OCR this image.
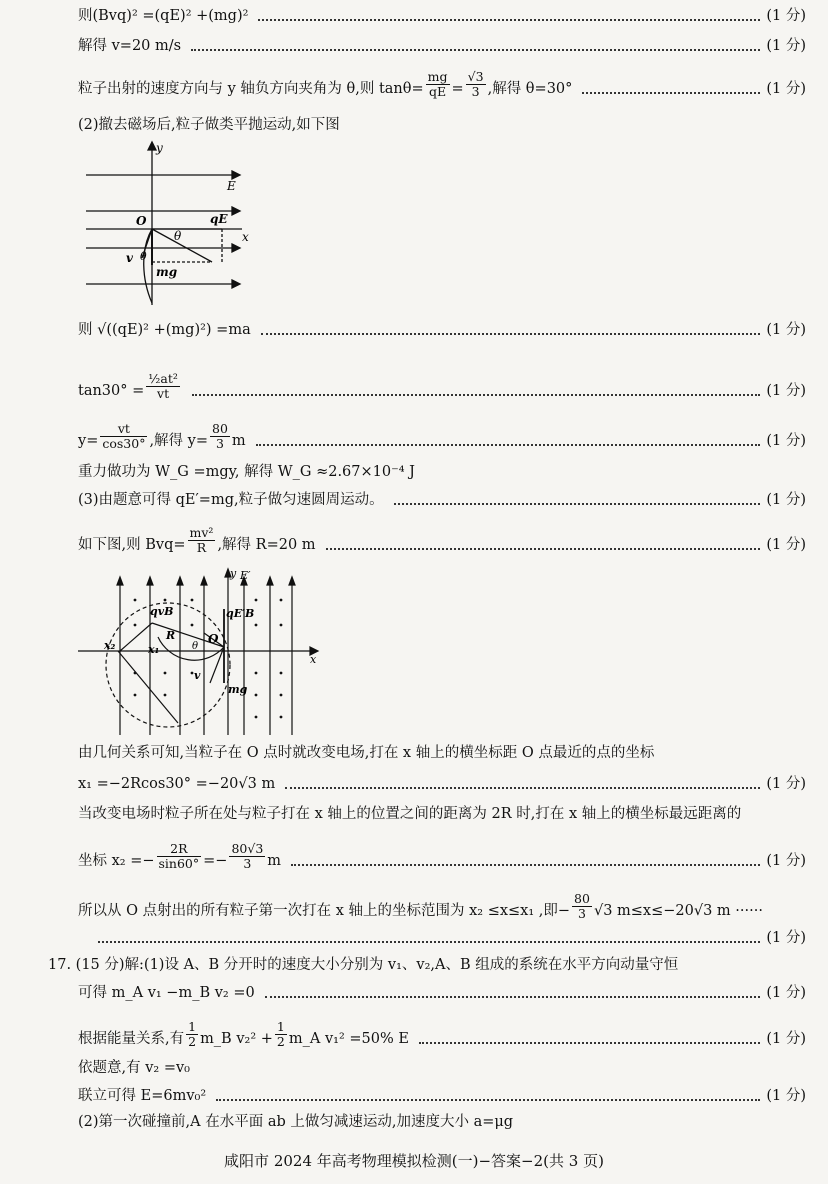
则(Bvq)² =(qE)² +(mg)²	(1 分)
解得 v=20 m/s	(1 分)
粒子出射的速度方向与 y 轴负方向夹角为 θ,则 $\tan\theta= \frac{mg}{qE} = \frac{√3}{3}$ ,解得 θ=30°	(1 分)
(2)撤去磁场后,粒子做类平抛运动,如下图
y
x
E
O	qE
θ
v θ
mg
则 √((qE)² +(mg)²) =ma	(1 分)
$\tan 30^\circ = \frac{\text{½at²}}{vt}$	(1 分)
$y= \frac{vt}{\cos 30^\circ}$ ,解得 $y= \frac{80}{3}$ m	(1 分)
重力做功为 W_G =mgy, 解得 W_G ≈2.67×10⁻⁴ J
(3)由题意可得 qE′=mg,粒子做匀速圆周运动。	(1 分)
如下图,则 $Bvq= \frac{\text{mv²}}{R}$ ,解得 R=20 m	(1 分)
y E′
qvB	qE′B
R	O
x₂	x₁	θ
v
mg
x
由几何关系可知,当粒子在 O 点时就改变电场,打在 x 轴上的横坐标距 O 点最近的点的坐标
x₁ =−2Rcos30° =−20√3 m	(1 分)
当改变电场时粒子所在处与粒子打在 x 轴上的位置之间的距离为 2R 时,打在 x 轴上的横坐标最远距离的
坐标 $x_2 =- \frac{2R}{\sin 60^\circ} =- \frac{80√3}{3}$ m	(1 分)
所以从 O 点射出的所有粒子第一次打在 x 轴上的坐标范围为 x₂ ≤x≤x₁ ,即− $\frac{80}{3} √3$ m≤x≤−20√3 m ······
(1 分)
17. (15 分)解:(1)设 A、B 分开时的速度大小分别为 v₁、v₂,A、B 组成的系统在水平方向动量守恒
可得 m_A v₁ −m_B v₂ =0	(1 分)
根据能量关系,有 $\frac{1}{2}$ m_B $v_2^2 + \frac{1}{2}$ m_A v₁² =50% E	(1 分)
依题意,有 v₂ =v₀
联立可得 E=6mv₀²	(1 分)
(2)第一次碰撞前,A 在水平面 ab 上做匀减速运动,加速度大小 a=μg
咸阳市 2024 年高考物理模拟检测(一)−答案−2(共 3 页)
